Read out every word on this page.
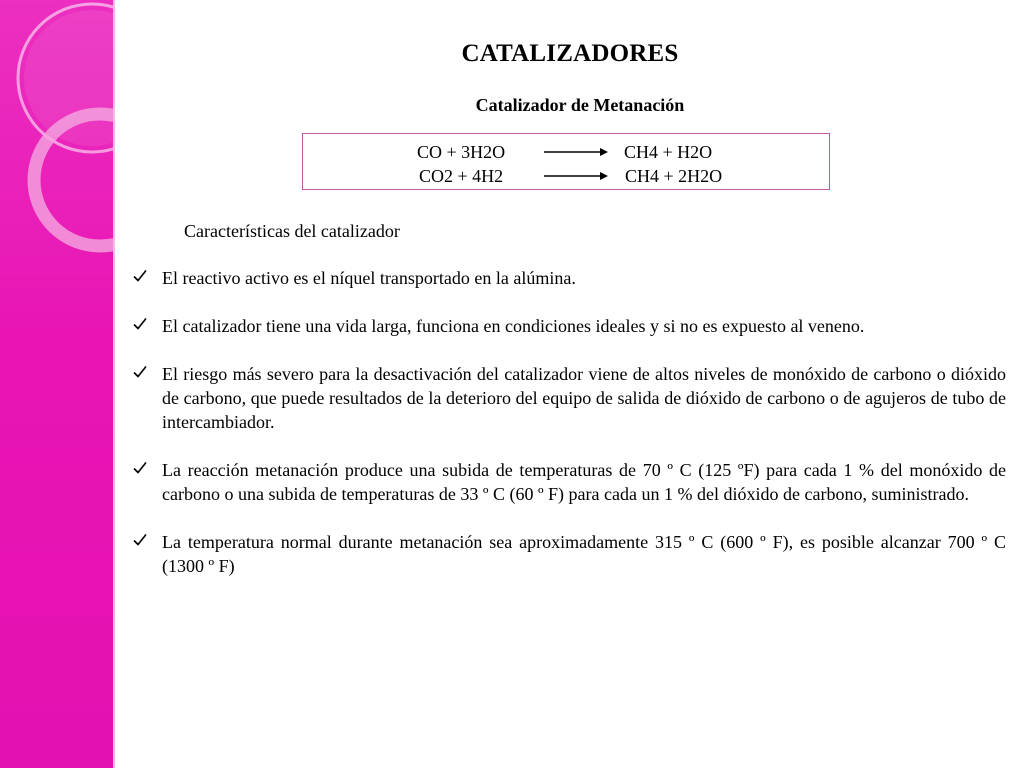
CATALIZADORES
Catalizador de Metanación
CO + 3H2O	CH4 + H2O
CO2 + 4H2	CH4 + 2H2O
Características del catalizador
El reactivo activo es el níquel transportado en la alúmina.
El catalizador tiene una vida larga, funciona en condiciones ideales y si no es expuesto al veneno.
El riesgo más severo para la desactivación del catalizador viene de altos niveles de monóxido de carbono o dióxido de carbono, que puede resultados de la deterioro del equipo de salida de dióxido de carbono o de agujeros de tubo de intercambiador.
La reacción metanación produce una subida de temperaturas de 70 º C (125 ºF) para cada 1 % del monóxido de carbono o una subida de temperaturas de 33 º C (60 º F) para cada un 1 % del dióxido de carbono, suministrado.
La temperatura normal durante metanación sea aproximadamente 315 º C (600 º F), es posible alcanzar 700 º C (1300 º F)
